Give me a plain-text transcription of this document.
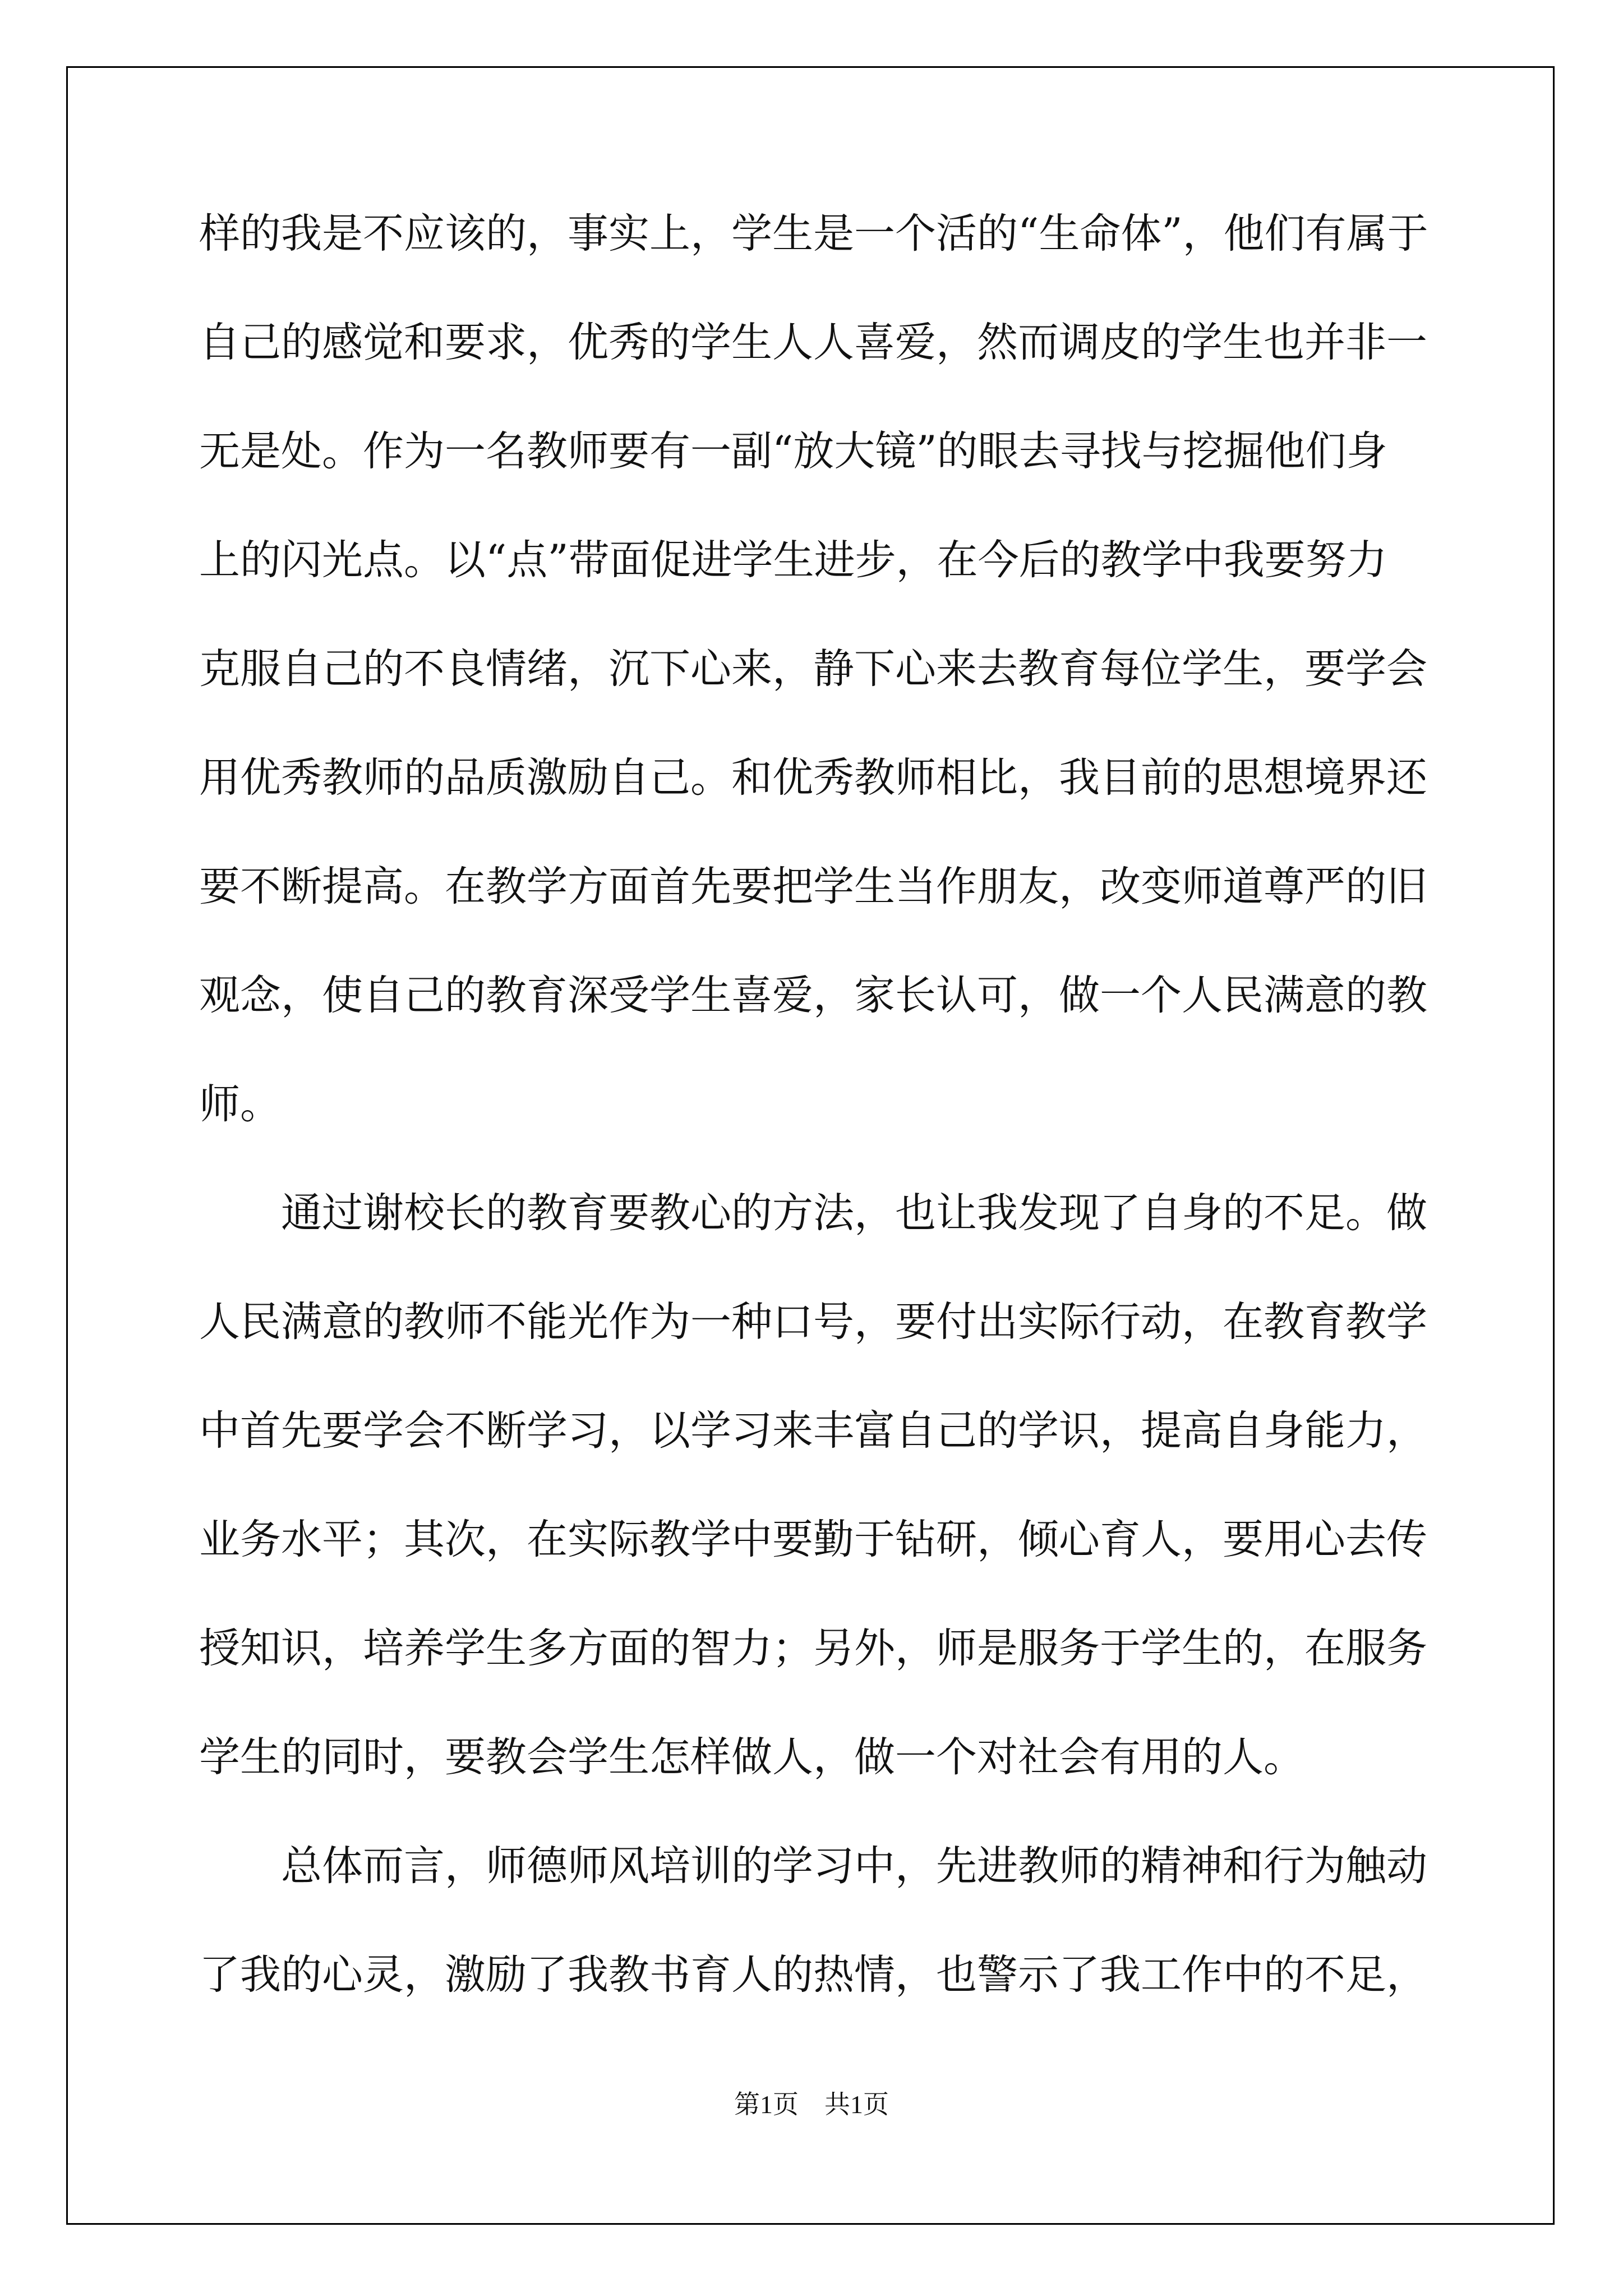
样的我是不应该的，事实上，学生是一个活的“生命体”，他们有属于
自己的感觉和要求，优秀的学生人人喜爱，然而调皮的学生也并非一
无是处。作为一名教师要有一副“放大镜”的眼去寻找与挖掘他们身
上的闪光点。以“点”带面促进学生进步，在今后的教学中我要努力
克服自己的不良情绪，沉下心来，静下心来去教育每位学生，要学会
用优秀教师的品质激励自己。和优秀教师相比，我目前的思想境界还
要不断提高。在教学方面首先要把学生当作朋友，改变师道尊严的旧
观念，使自己的教育深受学生喜爱，家长认可，做一个人民满意的教
师。
　　通过谢校长的教育要教心的方法，也让我发现了自身的不足。做
人民满意的教师不能光作为一种口号，要付出实际行动，在教育教学
中首先要学会不断学习，以学习来丰富自己的学识，提高自身能力，
业务水平；其次，在实际教学中要勤于钻研，倾心育人，要用心去传
授知识，培养学生多方面的智力；另外，师是服务于学生的，在服务
学生的同时，要教会学生怎样做人，做一个对社会有用的人。
　　总体而言，师德师风培训的学习中，先进教师的精神和行为触动
了我的心灵，激励了我教书育人的热情，也警示了我工作中的不足，
第1页　共1页
